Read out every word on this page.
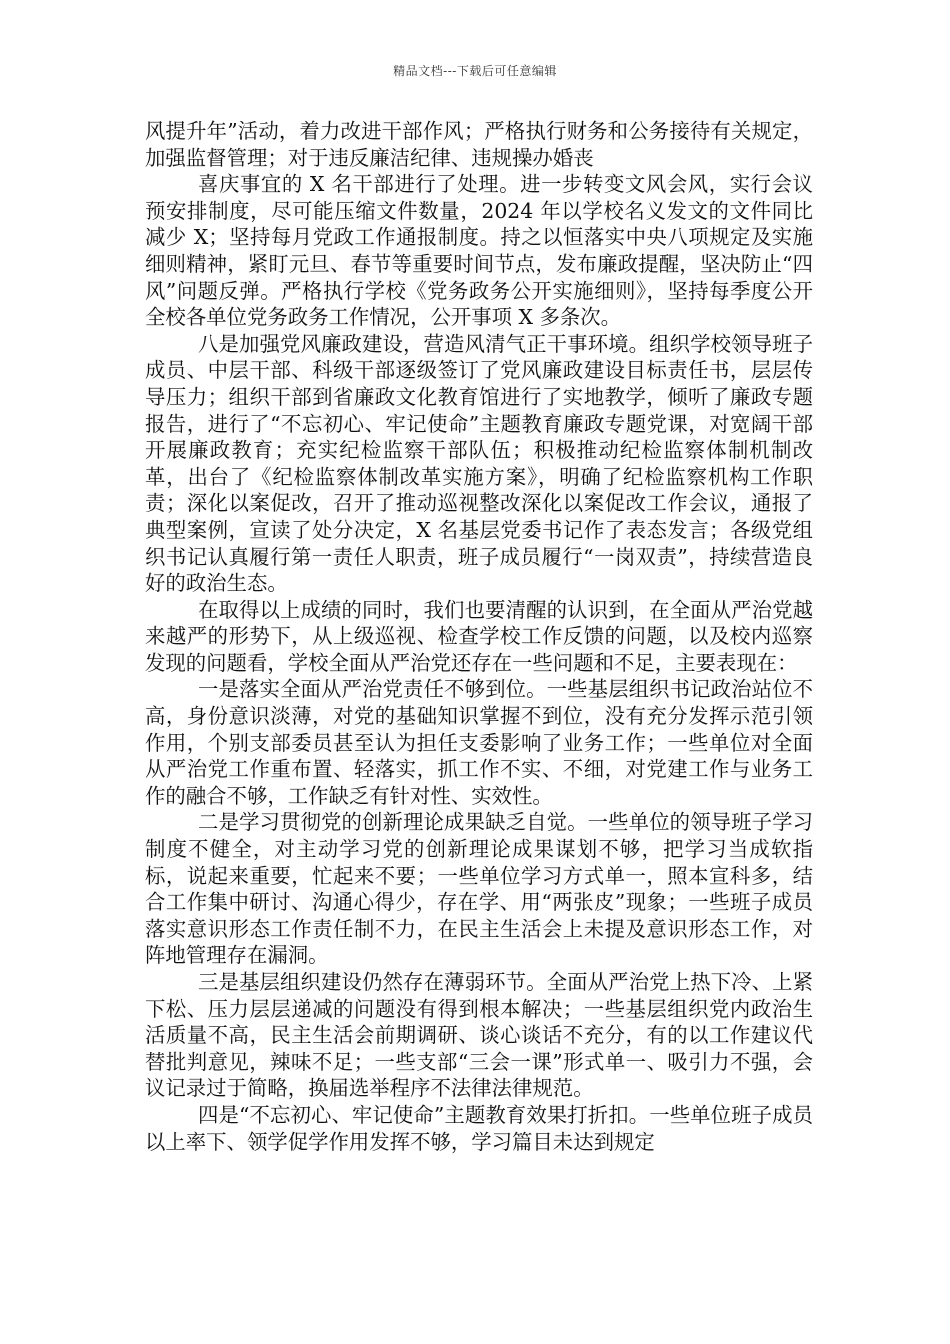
精品文档---下载后可任意编辑

风提升年”活动，着力改进干部作风；严格执行财务和公务接待有关规定，加强监督管理；对于违反廉洁纪律、违规操办婚丧

喜庆事宜的 X 名干部进行了处理。进一步转变文风会风，实行会议预安排制度，尽可能压缩文件数量，2024 年以学校名义发文的文件同比减少 X；坚持每月党政工作通报制度。持之以恒落实中央八项规定及实施细则精神，紧盯元旦、春节等重要时间节点，发布廉政提醒，坚决防止“四风”问题反弹。严格执行学校《党务政务公开实施细则》，坚持每季度公开全校各单位党务政务工作情况，公开事项 X 多条次。

八是加强党风廉政建设，营造风清气正干事环境。组织学校领导班子成员、中层干部、科级干部逐级签订了党风廉政建设目标责任书，层层传导压力；组织干部到省廉政文化教育馆进行了实地教学，倾听了廉政专题报告，进行了“不忘初心、牢记使命”主题教育廉政专题党课，对宽阔干部开展廉政教育；充实纪检监察干部队伍；积极推动纪检监察体制机制改革，出台了《纪检监察体制改革实施方案》，明确了纪检监察机构工作职责；深化以案促改，召开了推动巡视整改深化以案促改工作会议，通报了典型案例，宣读了处分决定，X 名基层党委书记作了表态发言；各级党组织书记认真履行第一责任人职责，班子成员履行“一岗双责”，持续营造良好的政治生态。

在取得以上成绩的同时，我们也要清醒的认识到，在全面从严治党越来越严的形势下，从上级巡视、检查学校工作反馈的问题，以及校内巡察发现的问题看，学校全面从严治党还存在一些问题和不足，主要表现在：

一是落实全面从严治党责任不够到位。一些基层组织书记政治站位不高，身份意识淡薄，对党的基础知识掌握不到位，没有充分发挥示范引领作用，个别支部委员甚至认为担任支委影响了业务工作；一些单位对全面从严治党工作重布置、轻落实，抓工作不实、不细，对党建工作与业务工作的融合不够，工作缺乏有针对性、实效性。

二是学习贯彻党的创新理论成果缺乏自觉。一些单位的领导班子学习制度不健全，对主动学习党的创新理论成果谋划不够，把学习当成软指标，说起来重要，忙起来不要；一些单位学习方式单一，照本宣科多，结合工作集中研讨、沟通心得少，存在学、用“两张皮”现象；一些班子成员落实意识形态工作责任制不力，在民主生活会上未提及意识形态工作，对阵地管理存在漏洞。

三是基层组织建设仍然存在薄弱环节。全面从严治党上热下冷、上紧下松、压力层层递减的问题没有得到根本解决；一些基层组织党内政治生活质量不高，民主生活会前期调研、谈心谈话不充分，有的以工作建议代替批判意见，辣味不足；一些支部“三会一课”形式单一、吸引力不强，会议记录过于简略，换届选举程序不法律法律规范。

四是“不忘初心、牢记使命”主题教育效果打折扣。一些单位班子成员以上率下、领学促学作用发挥不够，学习篇目未达到规定
